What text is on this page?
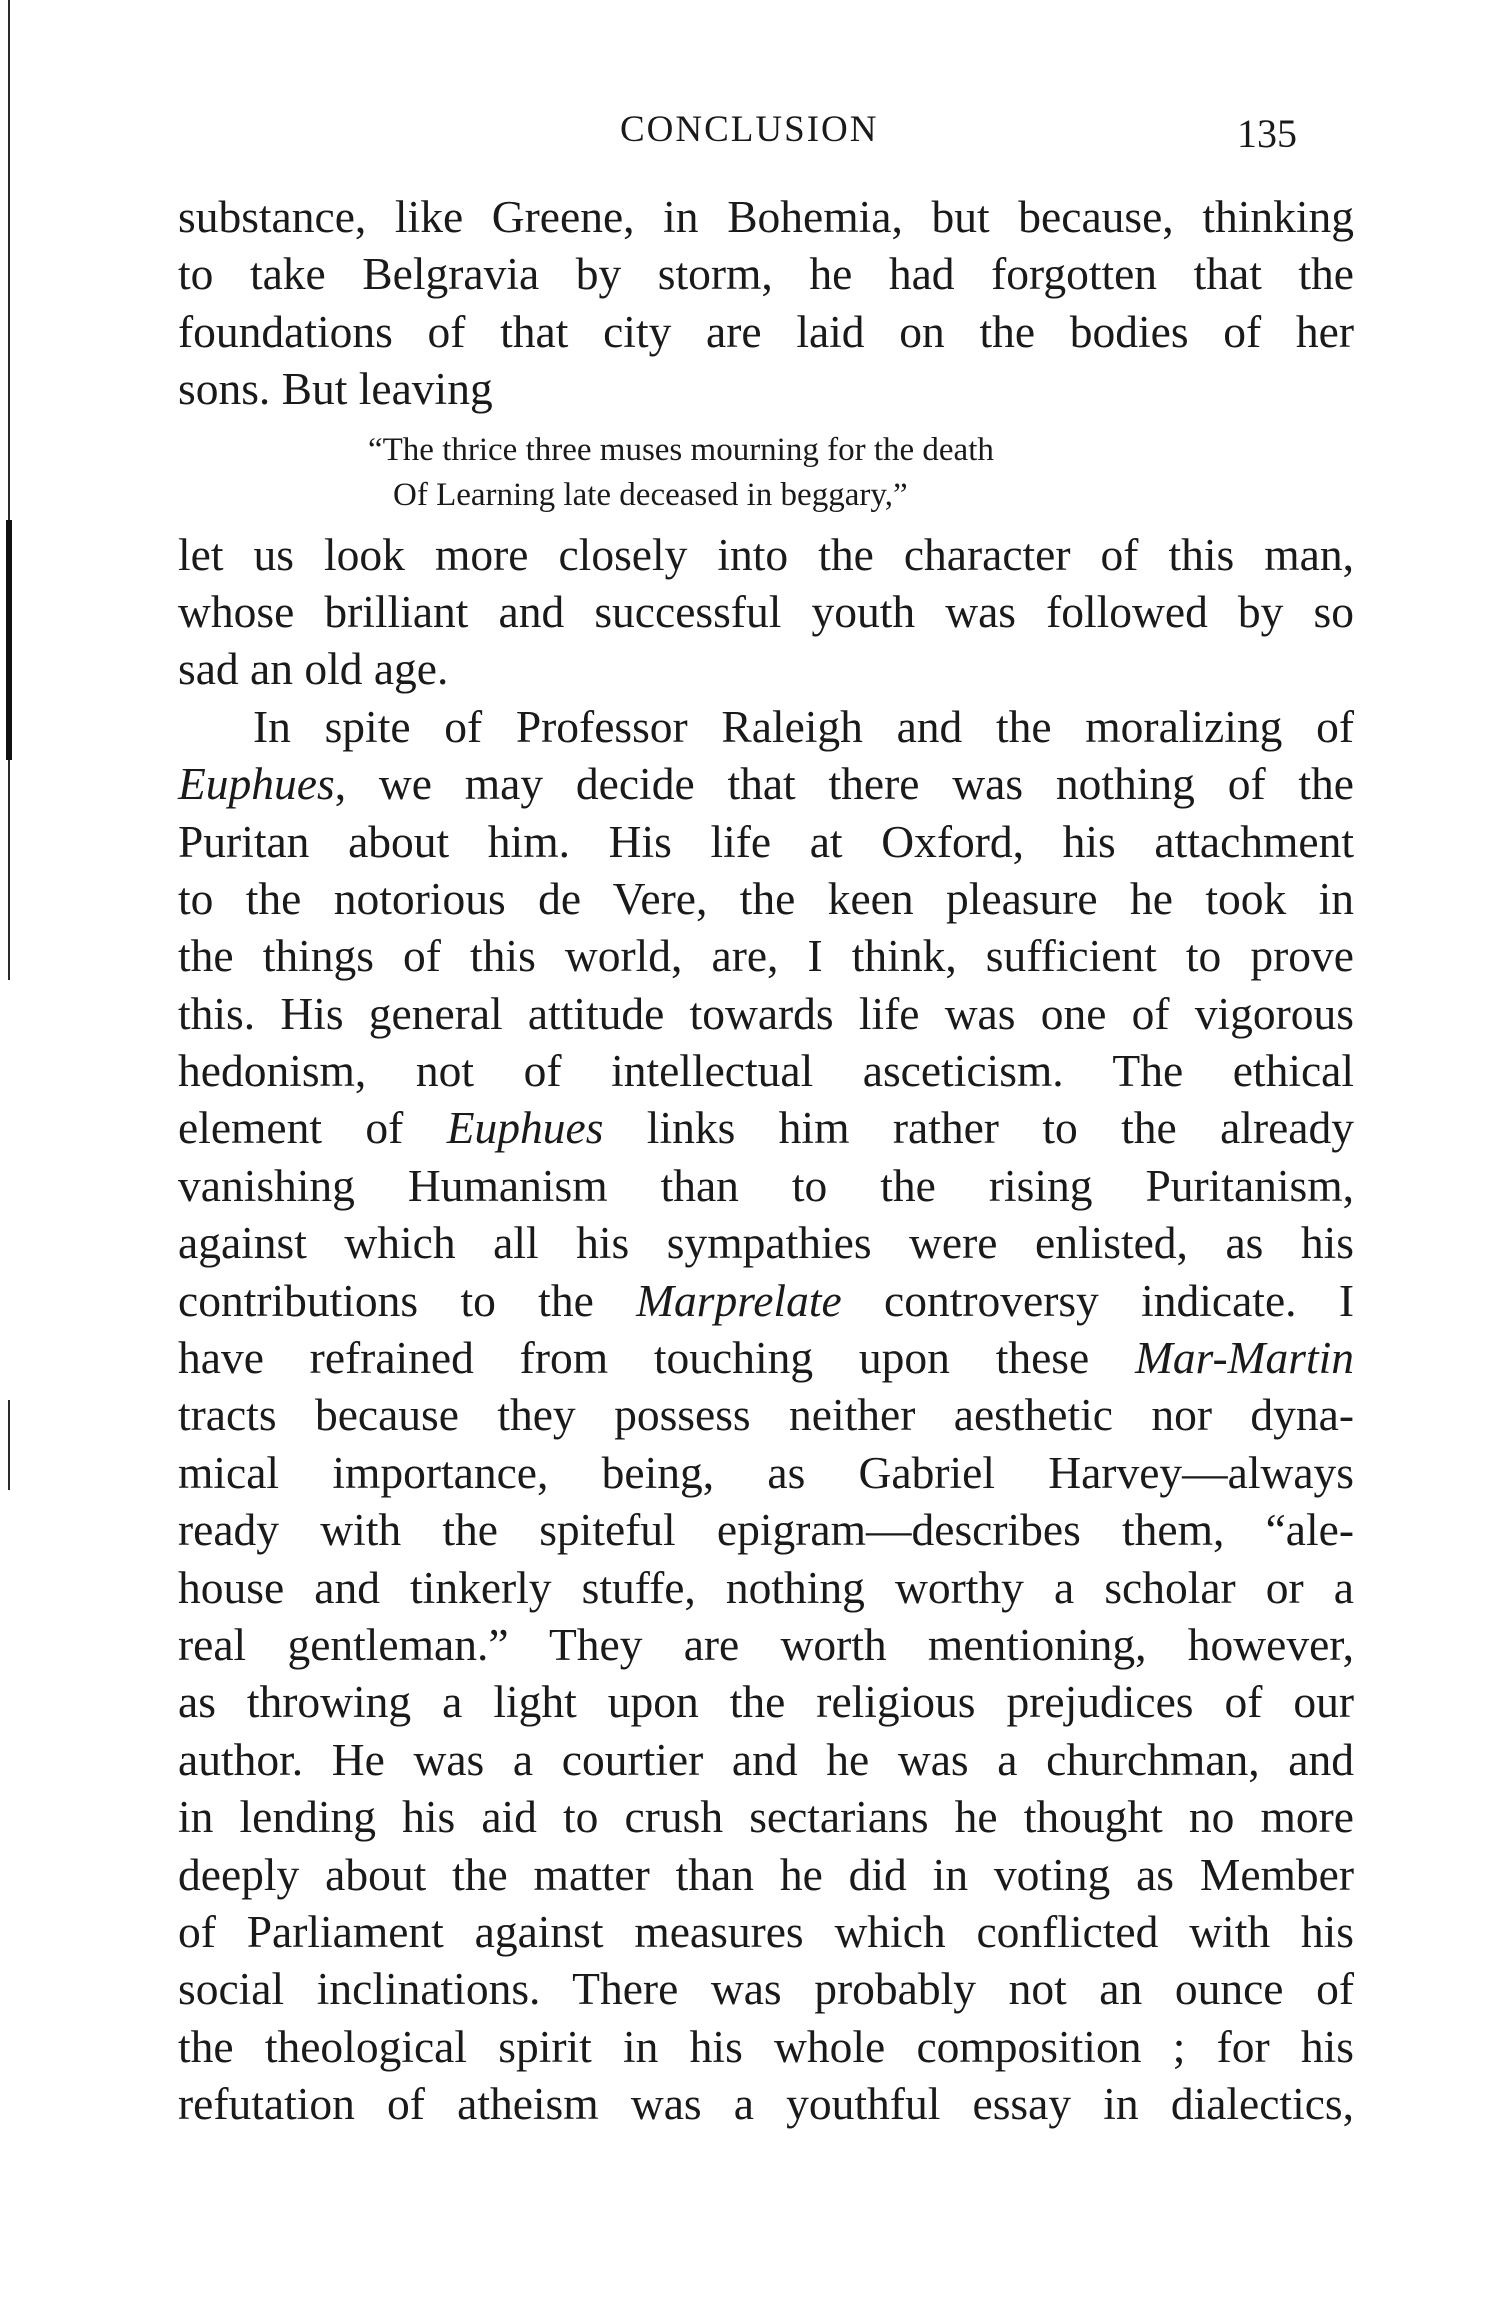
CONCLUSION	135
substance, like Greene, in Bohemia, but because, thinking
to take Belgravia by storm, he had forgotten that the
foundations of that city are laid on the bodies of her
sons. But leaving
“The thrice three muses mourning for the death
Of Learning late deceased in beggary,”
let us look more closely into the character of this man,
whose brilliant and successful youth was followed by so
sad an old age.
In spite of Professor Raleigh and the moralizing of
Euphues, we may decide that there was nothing of the
Puritan about him. His life at Oxford, his attachment
to the notorious de Vere, the keen pleasure he took in
the things of this world, are, I think, sufficient to prove
this. His general attitude towards life was one of vigorous
hedonism, not of intellectual asceticism. The ethical
element of Euphues links him rather to the already
vanishing Humanism than to the rising Puritanism,
against which all his sympathies were enlisted, as his
contributions to the Marprelate controversy indicate. I
have refrained from touching upon these Mar-Martin
tracts because they possess neither aesthetic nor dyna-
mical importance, being, as Gabriel Harvey—always
ready with the spiteful epigram—describes them, “ale-
house and tinkerly stuffe, nothing worthy a scholar or a
real gentleman.” They are worth mentioning, however,
as throwing a light upon the religious prejudices of our
author. He was a courtier and he was a churchman, and
in lending his aid to crush sectarians he thought no more
deeply about the matter than he did in voting as Member
of Parliament against measures which conflicted with his
social inclinations. There was probably not an ounce of
the theological spirit in his whole composition ; for his
refutation of atheism was a youthful essay in dialectics,
